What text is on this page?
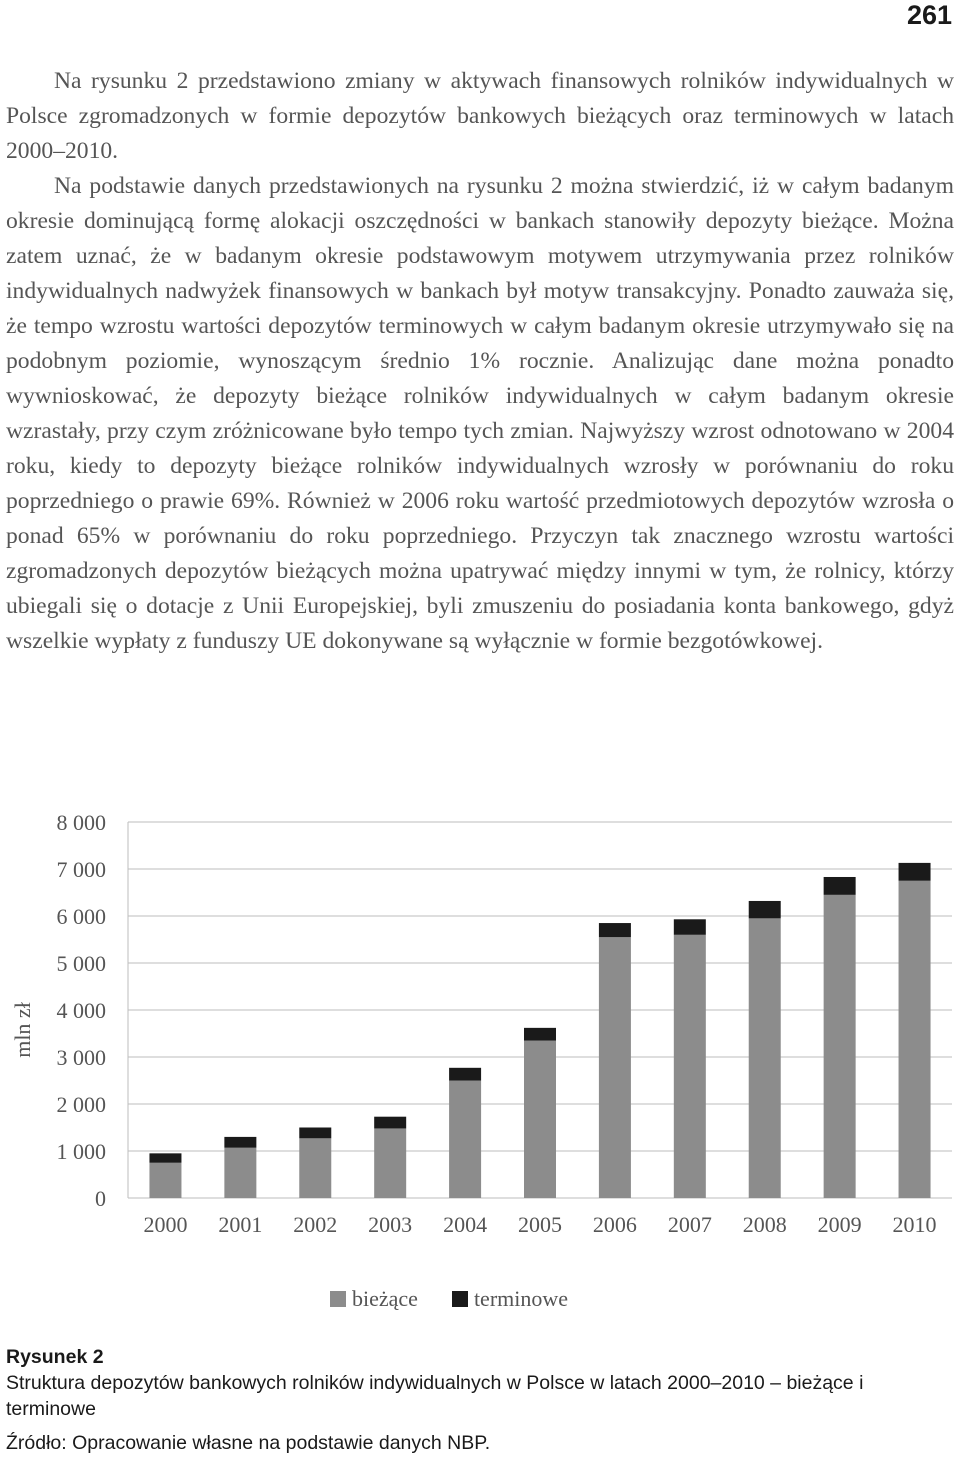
261

Na rysunku 2 przedstawiono zmiany w aktywach finansowych rolników indywidualnych w Polsce zgromadzonych w formie depozytów bankowych bieżących oraz terminowych w latach 2000–2010.

Na podstawie danych przedstawionych na rysunku 2 można stwierdzić, iż w całym badanym okresie dominującą formę alokacji oszczędności w bankach stanowiły depozyty bieżące. Można zatem uznać, że w badanym okresie podstawowym motywem utrzymywania przez rolników indywidualnych nadwyżek finansowych w bankach był motyw transakcyjny. Ponadto zauważa się, że tempo wzrostu wartości depozytów terminowych w całym badanym okresie utrzymywało się na podobnym poziomie, wynoszącym średnio 1% rocznie. Analizując dane można ponadto wywnioskować, że depozyty bieżące rolników indywidualnych w całym badanym okresie wzrastały, przy czym zróżnicowane było tempo tych zmian. Najwyższy wzrost odnotowano w 2004 roku, kiedy to depozyty bieżące rolników indywidualnych wzrosły w porównaniu do roku poprzedniego o prawie 69%. Również w 2006 roku wartość przedmiotowych depozytów wzrosła o ponad 65% w porównaniu do roku poprzedniego. Przyczyn tak znacznego wzrostu wartości zgromadzonych depozytów bieżących można upatrywać między innymi w tym, że rolnicy, którzy ubiegali się o dotacje z Unii Europejskiej, byli zmuszeniu do posiadania konta bankowego, gdyż wszelkie wypłaty z funduszy UE dokonywane są wyłącznie w formie bezgotówkowej.

0
1 000
2 000
3 000
4 000
5 000
6 000
7 000
8 000
mln zł
2000 2001 2002 2003 2004 2005 2006 2007 2008 2009 2010
bieżące	terminowe
Rysunek 2
Struktura depozytów bankowych rolników indywidualnych w Polsce w latach 2000–2010 – bieżące i terminowe
Źródło: Opracowanie własne na podstawie danych NBP.
